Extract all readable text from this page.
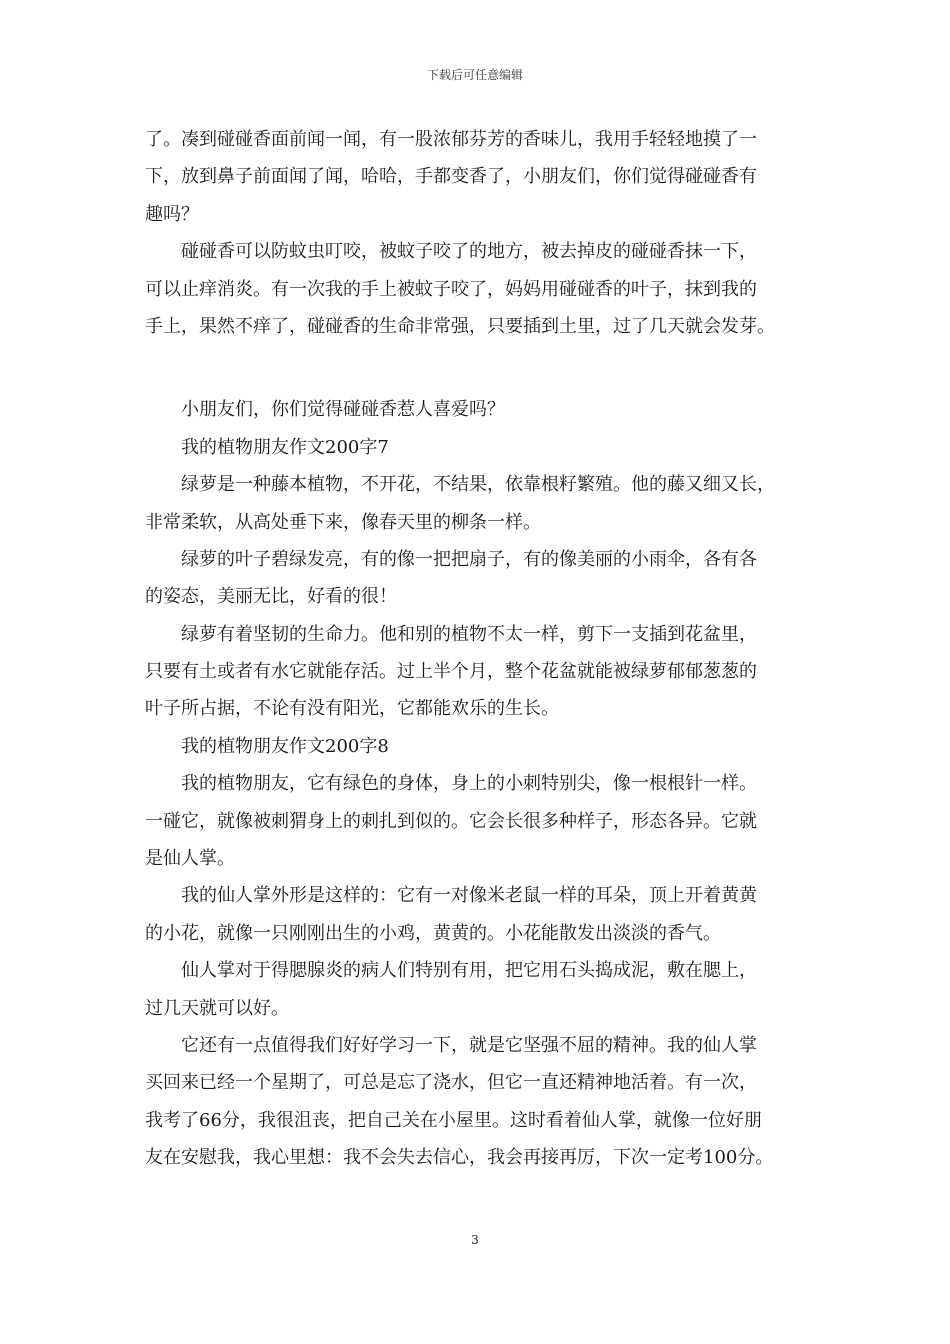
下载后可任意编辑
了。凑到碰碰香面前闻一闻，有一股浓郁芬芳的香味儿，我用手轻轻地摸了一
下，放到鼻子前面闻了闻，哈哈，手都变香了，小朋友们，你们觉得碰碰香有
趣吗？
　　碰碰香可以防蚊虫叮咬，被蚊子咬了的地方，被去掉皮的碰碰香抹一下，
可以止痒消炎。有一次我的手上被蚊子咬了，妈妈用碰碰香的叶子，抹到我的
手上，果然不痒了，碰碰香的生命非常强，只要插到土里，过了几天就会发芽。
　　小朋友们，你们觉得碰碰香惹人喜爱吗？
　　我的植物朋友作文200字7
　　绿萝是一种藤本植物，不开花，不结果，依靠根籽繁殖。他的藤又细又长，
非常柔软，从高处垂下来，像春天里的柳条一样。
　　绿萝的叶子碧绿发亮，有的像一把把扇子，有的像美丽的小雨伞，各有各
的姿态，美丽无比，好看的很！
　　绿萝有着坚韧的生命力。他和别的植物不太一样，剪下一支插到花盆里，
只要有土或者有水它就能存活。过上半个月，整个花盆就能被绿萝郁郁葱葱的
叶子所占据，不论有没有阳光，它都能欢乐的生长。
　　我的植物朋友作文200字8
　　我的植物朋友，它有绿色的身体，身上的小刺特别尖，像一根根针一样。
一碰它，就像被刺猬身上的刺扎到似的。它会长很多种样子，形态各异。它就
是仙人掌。
　　我的仙人掌外形是这样的：它有一对像米老鼠一样的耳朵，顶上开着黄黄
的小花，就像一只刚刚出生的小鸡，黄黄的。小花能散发出淡淡的香气。
　　仙人掌对于得腮腺炎的病人们特别有用，把它用石头捣成泥，敷在腮上，
过几天就可以好。
　　它还有一点值得我们好好学习一下，就是它坚强不屈的精神。我的仙人掌
买回来已经一个星期了，可总是忘了浇水，但它一直还精神地活着。有一次，
我考了66分，我很沮丧，把自己关在小屋里。这时看着仙人掌，就像一位好朋
友在安慰我，我心里想：我不会失去信心，我会再接再厉，下次一定考100分。
3
